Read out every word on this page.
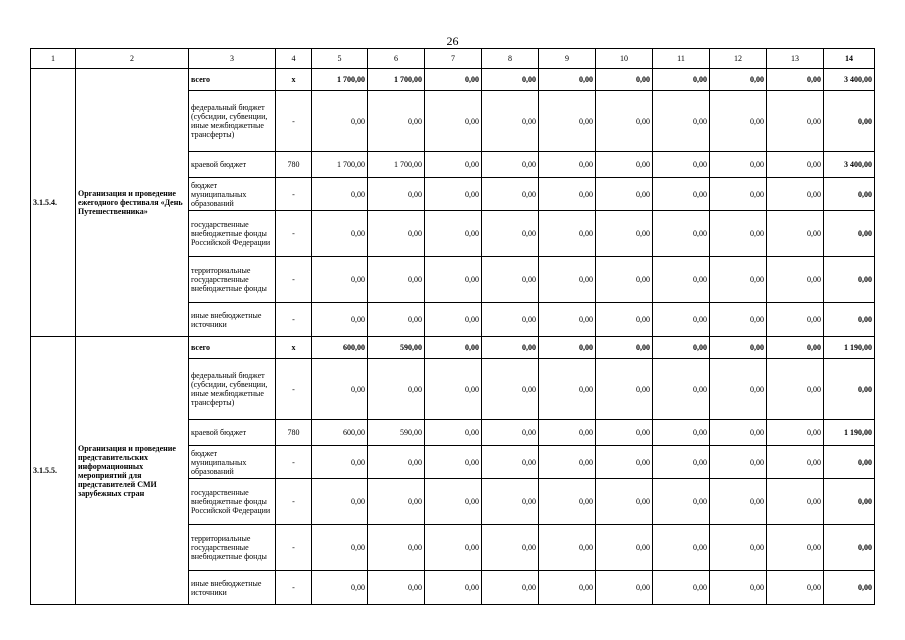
26
1	2	3	4	5	6	7	8	9	10	11	12	13	14
3.1.5.4.	Организация и проведение ежегодного фестиваля «День Путешественника»	всего	x	1 700,00	1 700,00	0,00	0,00	0,00	0,00	0,00	0,00	0,00	3 400,00
		федеральный бюджет (субсидии, субвенции, иные межбюджетные трансферты)	-	0,00	0,00	0,00	0,00	0,00	0,00	0,00	0,00	0,00	0,00
		краевой бюджет	780	1 700,00	1 700,00	0,00	0,00	0,00	0,00	0,00	0,00	0,00	3 400,00
		бюджет муниципальных образований	-	0,00	0,00	0,00	0,00	0,00	0,00	0,00	0,00	0,00	0,00
		государственные внебюджетные фонды Российской Федерации	-	0,00	0,00	0,00	0,00	0,00	0,00	0,00	0,00	0,00	0,00
		территориальные государственные внебюджетные фонды	-	0,00	0,00	0,00	0,00	0,00	0,00	0,00	0,00	0,00	0,00
		иные внебюджетные источники	-	0,00	0,00	0,00	0,00	0,00	0,00	0,00	0,00	0,00	0,00
3.1.5.5.	Организация и проведение представительских информационных мероприятий для представителей СМИ зарубежных стран	всего	x	600,00	590,00	0,00	0,00	0,00	0,00	0,00	0,00	0,00	1 190,00
		федеральный бюджет (субсидии, субвенции, иные межбюджетные трансферты)	-	0,00	0,00	0,00	0,00	0,00	0,00	0,00	0,00	0,00	0,00
		краевой бюджет	780	600,00	590,00	0,00	0,00	0,00	0,00	0,00	0,00	0,00	1 190,00
		бюджет муниципальных образований	-	0,00	0,00	0,00	0,00	0,00	0,00	0,00	0,00	0,00	0,00
		государственные внебюджетные фонды Российской Федерации	-	0,00	0,00	0,00	0,00	0,00	0,00	0,00	0,00	0,00	0,00
		территориальные государственные внебюджетные фонды	-	0,00	0,00	0,00	0,00	0,00	0,00	0,00	0,00	0,00	0,00
		иные внебюджетные источники	-	0,00	0,00	0,00	0,00	0,00	0,00	0,00	0,00	0,00	0,00
